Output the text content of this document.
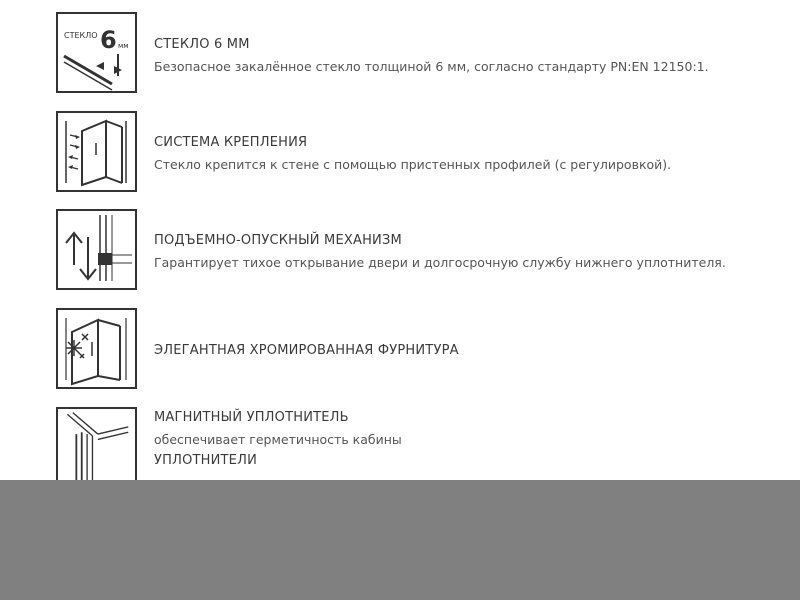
СТЕКЛО 6 мм СТЕКЛО 6 ММ
Безопасное закалённое стекло толщиной 6 мм, согласно стандарту PN:EN 12150:1.
СИСТЕМА КРЕПЛЕНИЯ
Стекло крепится к стене с помощью пристенных профилей (с регулировкой).
ПОДЪЕМНО-ОПУСКНЫЙ МЕХАНИЗМ
Гарантирует тихое открывание двери и долгосрочную службу нижнего уплотнителя.
ЭЛЕГАНТНАЯ ХРОМИРОВАННАЯ ФУРНИТУРА
МАГНИТНЫЙ УПЛОТНИТЕЛЬ
обеспечивает герметичность кабины
УПЛОТНИТЕЛИ
